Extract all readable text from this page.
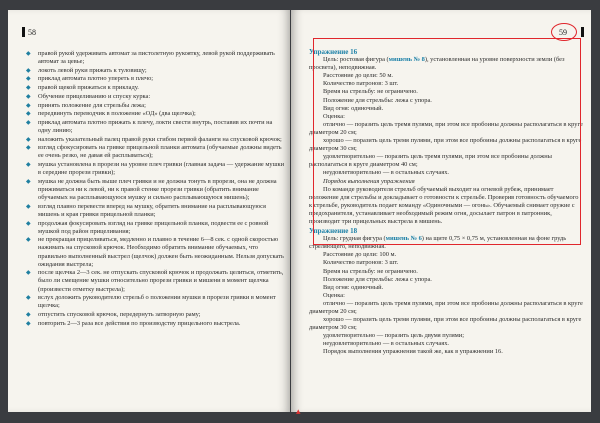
58
◆ правой рукой удерживать автомат за пистолетную рукоятку, левой рукой поддерживать автомат за цевье;
◆ локоть левой руки прижать к туловищу;
◆ приклад автомата плотно упереть в плечо;
◆ правой щекой прижаться к прикладу.
◆ Обучение прицеливанию и спуску курка:
◆ принять положение для стрельбы лежа;
◆ передвинуть переводчик в положение «ОД» (два щелчка);
◆ приклад автомата плотно прижать к плечу, локти свести внутрь, поставив их почти на одну линию;
◆ наложить указательный палец правой руки сгибом первой фаланги на спусковой крючок;
◆ взгляд сфокусировать на гривке прицельной планки автомата (обучаемые должны видеть ее очень резко, не давая ей расплываться);
◆ мушка установлена в прорези на уровне плеч гривки (главная задача — удержание мушки в середине прорези гривки);
◆ мушка не должна быть выше плеч гривки и не должна тонуть в прорези, она не должна прижиматься ни к левой, ни к правой стенке прорези гривки (обратить внимание обучаемых на расплывающуюся мушку и сильно расплывающуюся мишень);
◆ взгляд плавно перевести вперед на мушку, обратить внимание на расплывающуюся мишень и края гривки прицельной планки;
◆ продолжая фокусировать взгляд на гривке прицельной планки, подвести ее с ровной мушкой под район прицеливания;
◆ не прекращая прицеливаться, медленно и плавно в течение 6—8 сек. с одной скоростью нажимать на спусковой крючок. Необходимо обратить внимание обучаемых, что правильно выполненный выстрел (щелчок) должен быть неожиданным. Нельзя допускать ожидания выстрела;
◆ после щелчка 2—3 сек. не отпускать спусковой крючок и продолжать целиться, отметить, было ли смещение мушки относительно прорези гривки и мишени в момент щелчка (произвести отметку выстрела);
◆ вслух доложить руководителю стрельб о положении мушки в прорези гривки в момент щелчка;
◆ отпустить спусковой крючок, передернуть затворную раму;
◆ повторить 2—3 раза все действия по производству прицельного выстрела.
59

Упражнение 16

Цель: ростовая фигура (мишень № 8), установленная на уровне поверхности земли (без просвета), неподвижная.

Расстояние до цели: 50 м.

Количество патронов: 3 шт.

Время на стрельбу: не ограничено.

Положение для стрельбы: лежа с упора.

Вид огня: одиночный.

Оценка:

отлично — поразить цель тремя пулями, при этом все пробоины должны располагаться в круге диаметром 20 см;

хорошо — поразить цель тремя пулями, при этом все пробоины должны располагаться в круге диаметром 30 см;

удовлетворительно — поразить цель тремя пулями, при этом все пробоины должны располагаться в круге диаметром 40 см;

неудовлетворительно — в остальных случаях.

Порядок выполнения упражнения

По команде руководителя стрельб обучаемый выходит на огневой рубеж, принимает положение для стрельбы и докладывает о готовности к стрельбе. Проверив готовность обучаемого к стрельбе, руководитель подает команду «Одиночными — огонь». Обучаемый снимает оружие с предохранителя, устанавливает необходимый режим огня, досылает патрон в патронник, производит три прицельных выстрела в мишень.

Упражнение 18

Цель: грудная фигура (мишень № 6) на щите 0,75 × 0,75 м, установленная на фоне грудь стреляющего, неподвижная.

Расстояние до цели: 100 м.

Количество патронов: 3 шт.

Время на стрельбу: не ограничено.

Положение для стрельбы: лежа с упора.

Вид огня: одиночный.

Оценка:

отлично — поразить цель тремя пулями, при этом все пробоины должны располагаться в круге диаметром 20 см;

хорошо — поразить цель тремя пулями, при этом все пробоины должны располагаться в круге диаметром 30 см;

удовлетворительно — поразить цель двумя пулями;

неудовлетворительно — в остальных случаях.

Порядок выполнения упражнения такой же, как в упражнении 16.

▴
